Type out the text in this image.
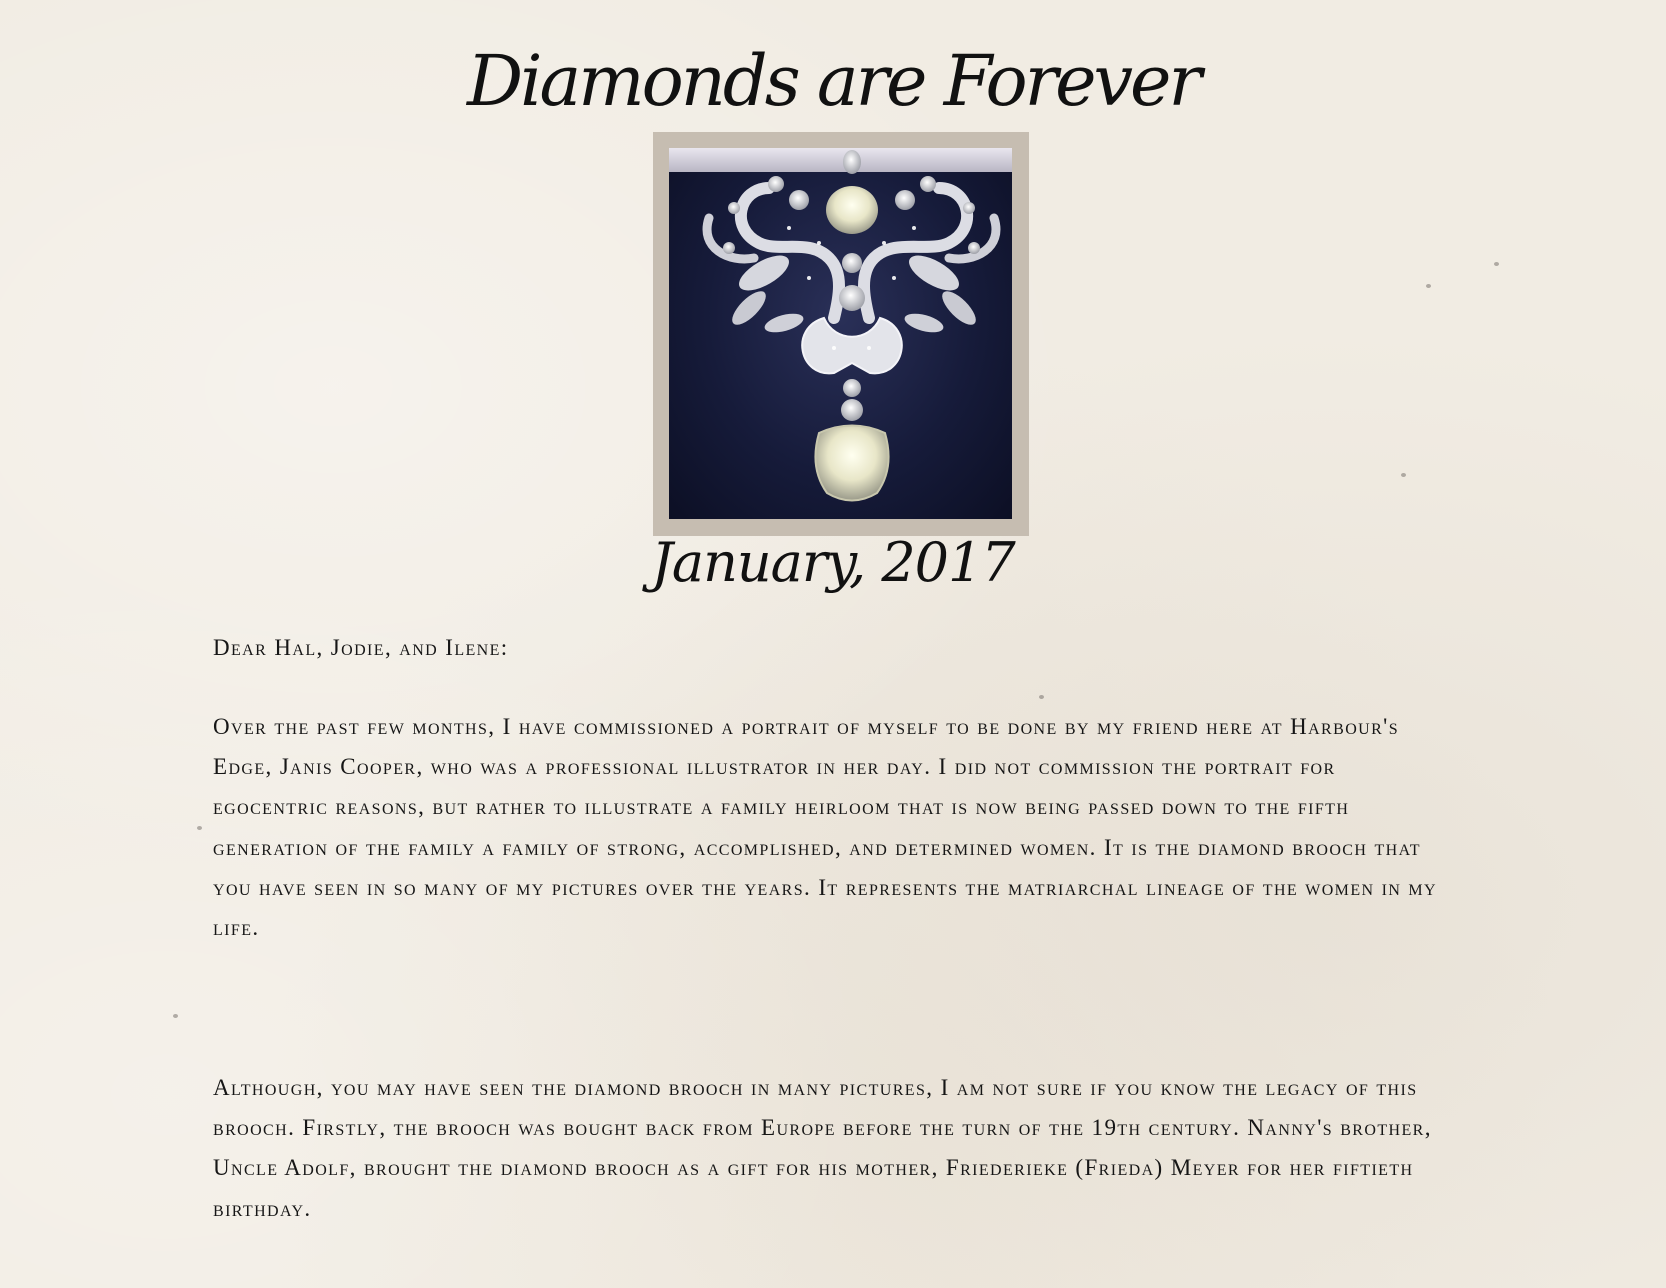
Diamonds are Forever
January, 2017

Dear Hal, Jodie, and Ilene:

Over the past few months, I have commissioned a portrait of myself to be done by my friend here at Harbour's Edge, Janis Cooper, who was a professional illustrator in her day. I did not commission the portrait for egocentric reasons, but rather to illustrate a family heirloom that is now being passed down to the fifth generation of the family a family of strong, accomplished, and determined women. It is the diamond brooch that you have seen in so many of my pictures over the years. It represents the matriarchal lineage of the women in my life.

Although, you may have seen the diamond brooch in many pictures, I am not sure if you know the legacy of this brooch. Firstly, the brooch was bought back from Europe before the turn of the 19th century. Nanny's brother, Uncle Adolf, brought the diamond brooch as a gift for his mother, Friederieke (Frieda) Meyer for her fiftieth birthday.
